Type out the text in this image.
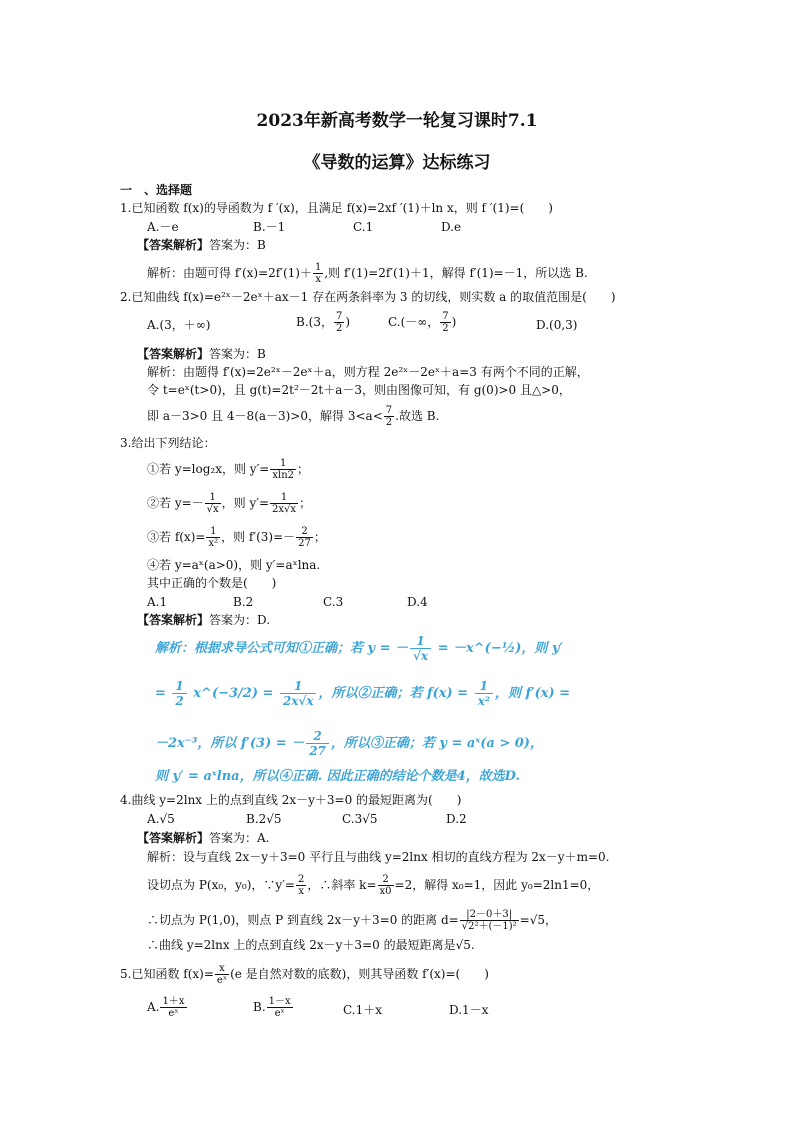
2023年新高考数学一轮复习课时7.1
《导数的运算》达标练习
一　、选择题
1.已知函数 f(x)的导函数为 f ′(x)，且满足 f(x)=2xf ′(1)＋ln x，则 f ′(1)=(　　)
A.－e	B.－1	C.1	D.e
【答案解析】答案为：B
解析：由题可得 $f'(x)=2f'(1)+ \frac{1}{x}$ ,则 f′(1)=2f′(1)＋1，解得 f′(1)=－1，所以选 B.
2.已知曲线 f(x)=e²ˣ－2eˣ＋ax－1 存在两条斜率为 3 的切线，则实数 a 的取值范围是(　　)
A.(3，＋∞)	B.(3， $\frac{7}{2}$ )	C.(－∞， $\frac{7}{2}$ )	D.(0,3)
【答案解析】答案为：B
解析：由题得 f′(x)=2e²ˣ－2eˣ＋a，则方程 2e²ˣ－2eˣ＋a=3 有两个不同的正解，
令 t=eˣ(t>0)，且 g(t)=2t²－2t＋a－3，则由图像可知，有 g(0)>0 且△>0，
即 a－3>0 且 4－8(a－3)>0，解得 $3<a< \frac{7}{2}$ .故选 B.
3.给出下列结论：
①若 y=log₂x，则 $y'= \frac{1}{xln2}$ ；
②若 $y=- \frac{1}{√x}$ ，则 $y'= \frac{1}{2x√x}$ ；
③若 $f(x)= \frac{1}{\text{x²}}$ ，则 $f'(3)=- \frac{2}{27}$ ；
④若 y=aˣ(a>0)，则 y′=aˣlna.
其中正确的个数是(　　)
A.1	B.2	C.3	D.4
【答案解析】答案为：D.
解析：根据求导公式可知①正确；若 y = － $\frac{1}{√x}$ = －x^(−½)，则 y′
= $\frac{1}{2}$ x^(−3/2) = $\frac{1}{2x√x}$ ，所以②正确；若 $f(x) = \frac{1}{\text{x²}}$ ，则 f′(x) =
－2x⁻³，所以 f′(3) = － $\frac{2}{27}$ ，所以③正确；若 y = aˣ(a > 0)，
则 y′ = aˣlna，所以④正确. 因此正确的结论个数是4，故选D.
4.曲线 y=2lnx 上的点到直线 2x－y＋3=0 的最短距离为(　　)
A.√5	B.2√5	C.3√5	D.2
【答案解析】答案为：A.
解析：设与直线 2x－y＋3=0 平行且与曲线 y=2lnx 相切的直线方程为 2x－y＋m=0.
设切点为 P(x₀，y₀)，∵y′= $\frac{2}{x}$ ，∴斜率 $k= \frac{2}{x0} =2$，解得 x₀=1，因此 y₀=2ln1=0，
∴切点为 P(1,0)，则点 P 到直线 2x－y＋3=0 的距离 $d= \frac{|2-0+3|}{\text{√2²＋(－1)²}} =√5$，
∴曲线 y=2lnx 上的点到直线 2x－y＋3=0 的最短距离是√5.
5.已知函数 $f(x)= \frac{x}{\text{eˣ}} (e$ 是自然对数的底数)，则其导函数 f′(x)=(　　)
A. $\frac{1+x}{\text{eˣ}}$	B. $\frac{1-x}{\text{eˣ}}$	C.1＋x	D.1－x
